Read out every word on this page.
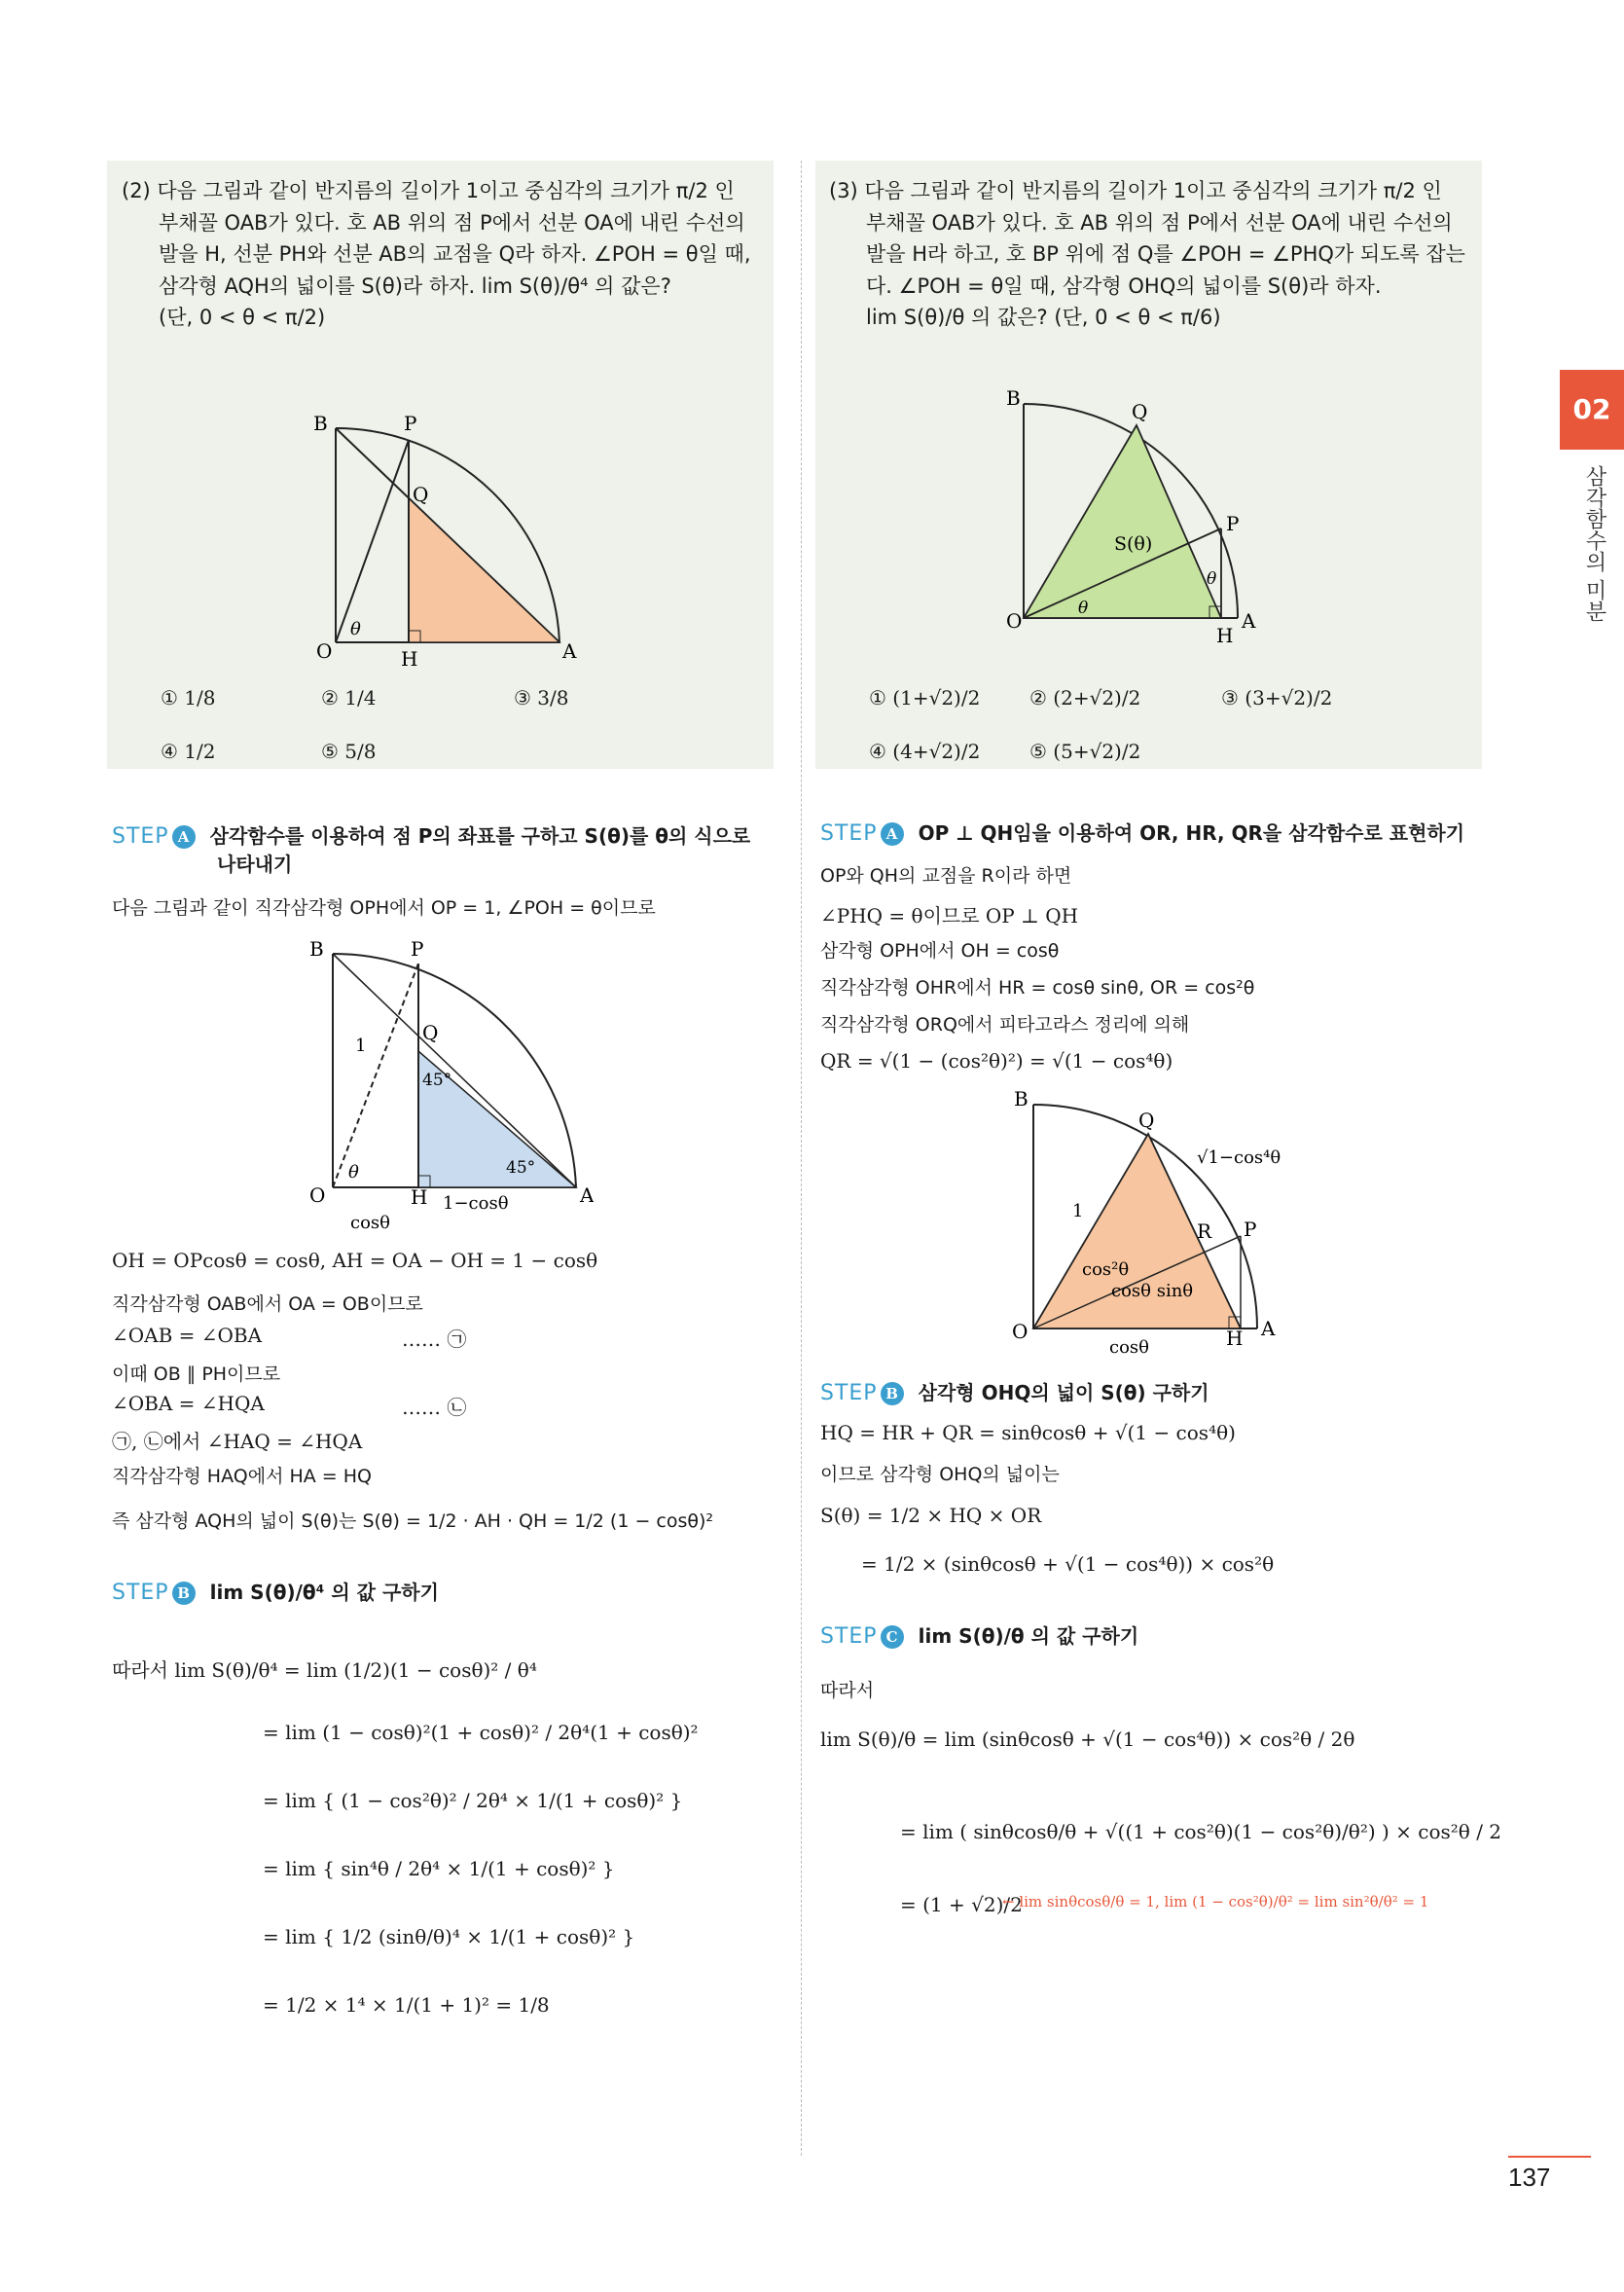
(2) 다음 그림과 같이 반지름의 길이가 1이고 중심각의 크기가 π/2 인
부채꼴 OAB가 있다. 호 AB 위의 점 P에서 선분 OA에 내린 수선의
발을 H, 선분 PH와 선분 AB의 교점을 Q라 하자. ∠POH = θ일 때,
삼각형 AQH의 넓이를 S(θ)라 하자. lim S(θ)/θ⁴ 의 값은?
(단, 0 < θ < π/2)
B	P
Q
O	H	A
θ
① 1/8	② 1/4	③ 3/8
④ 1/2	⑤ 5/8
STEP A 삼각함수를 이용하여 점 P의 좌표를 구하고 S(θ)를 θ의 식으로
나타내기
다음 그림과 같이 직각삼각형 OPH에서 OP = 1, ∠POH = θ이므로
B	P
Q
1
45°
45°
O	H	A
θ
1−cosθ
cosθ
OH = OPcosθ = cosθ, AH = OA − OH = 1 − cosθ
직각삼각형 OAB에서 OA = OB이므로
∠OAB = ∠OBA	…… ㉠
이때 OB ∥ PH이므로
∠OBA = ∠HQA	…… ㉡
㉠, ㉡에서 ∠HAQ = ∠HQA
직각삼각형 HAQ에서 HA = HQ
즉 삼각형 AQH의 넓이 S(θ)는 S(θ) = 1/2 · AH · QH = 1/2 (1 − cosθ)²
STEP B lim S(θ)/θ⁴ 의 값 구하기
따라서 lim S(θ)/θ⁴ = lim (1/2)(1 − cosθ)² / θ⁴
= lim (1 − cosθ)²(1 + cosθ)² / 2θ⁴(1 + cosθ)²
= lim { (1 − cos²θ)² / 2θ⁴ × 1/(1 + cosθ)² }
= lim { sin⁴θ / 2θ⁴ × 1/(1 + cosθ)² }
= lim { 1/2 (sinθ/θ)⁴ × 1/(1 + cosθ)² }
= 1/2 × 1⁴ × 1/(1 + 1)² = 1/8
(3) 다음 그림과 같이 반지름의 길이가 1이고 중심각의 크기가 π/2 인
부채꼴 OAB가 있다. 호 AB 위의 점 P에서 선분 OA에 내린 수선의
발을 H라 하고, 호 BP 위에 점 Q를 ∠POH = ∠PHQ가 되도록 잡는
다. ∠POH = θ일 때, 삼각형 OHQ의 넓이를 S(θ)라 하자.
lim S(θ)/θ 의 값은? (단, 0 < θ < π/6)
B
Q
P
O
H
A
S(θ)
θ
θ
① (1+√2)/2	② (2+√2)/2	③ (3+√2)/2
④ (4+√2)/2	⑤ (5+√2)/2
STEP A OP ⊥ QH임을 이용하여 OR, HR, QR을 삼각함수로 표현하기
OP와 QH의 교점을 R이라 하면
∠PHQ = θ이므로 OP ⊥ QH
삼각형 OPH에서 OH = cosθ
직각삼각형 OHR에서 HR = cosθ sinθ, OR = cos²θ
직각삼각형 ORQ에서 피타고라스 정리에 의해
QR = √(1 − (cos²θ)²) = √(1 − cos⁴θ)
B
Q
P
R
O	H A
1
√1−cos⁴θ
cos²θ
cosθ sinθ
cosθ
STEP B 삼각형 OHQ의 넓이 S(θ) 구하기
HQ = HR + QR = sinθcosθ + √(1 − cos⁴θ)
이므로 삼각형 OHQ의 넓이는
S(θ) = 1/2 × HQ × OR
= 1/2 × (sinθcosθ + √(1 − cos⁴θ)) × cos²θ
STEP C lim S(θ)/θ 의 값 구하기
따라서
lim S(θ)/θ = lim (sinθcosθ + √(1 − cos⁴θ)) × cos²θ / 2θ
= lim ( sinθcosθ/θ + √((1 + cos²θ)(1 − cos²θ)/θ²) ) × cos²θ / 2
= (1 + √2)/2
← lim sinθcosθ/θ = 1, lim (1 − cos²θ)/θ² = lim sin²θ/θ² = 1
02
삼각함수의 미분
137
